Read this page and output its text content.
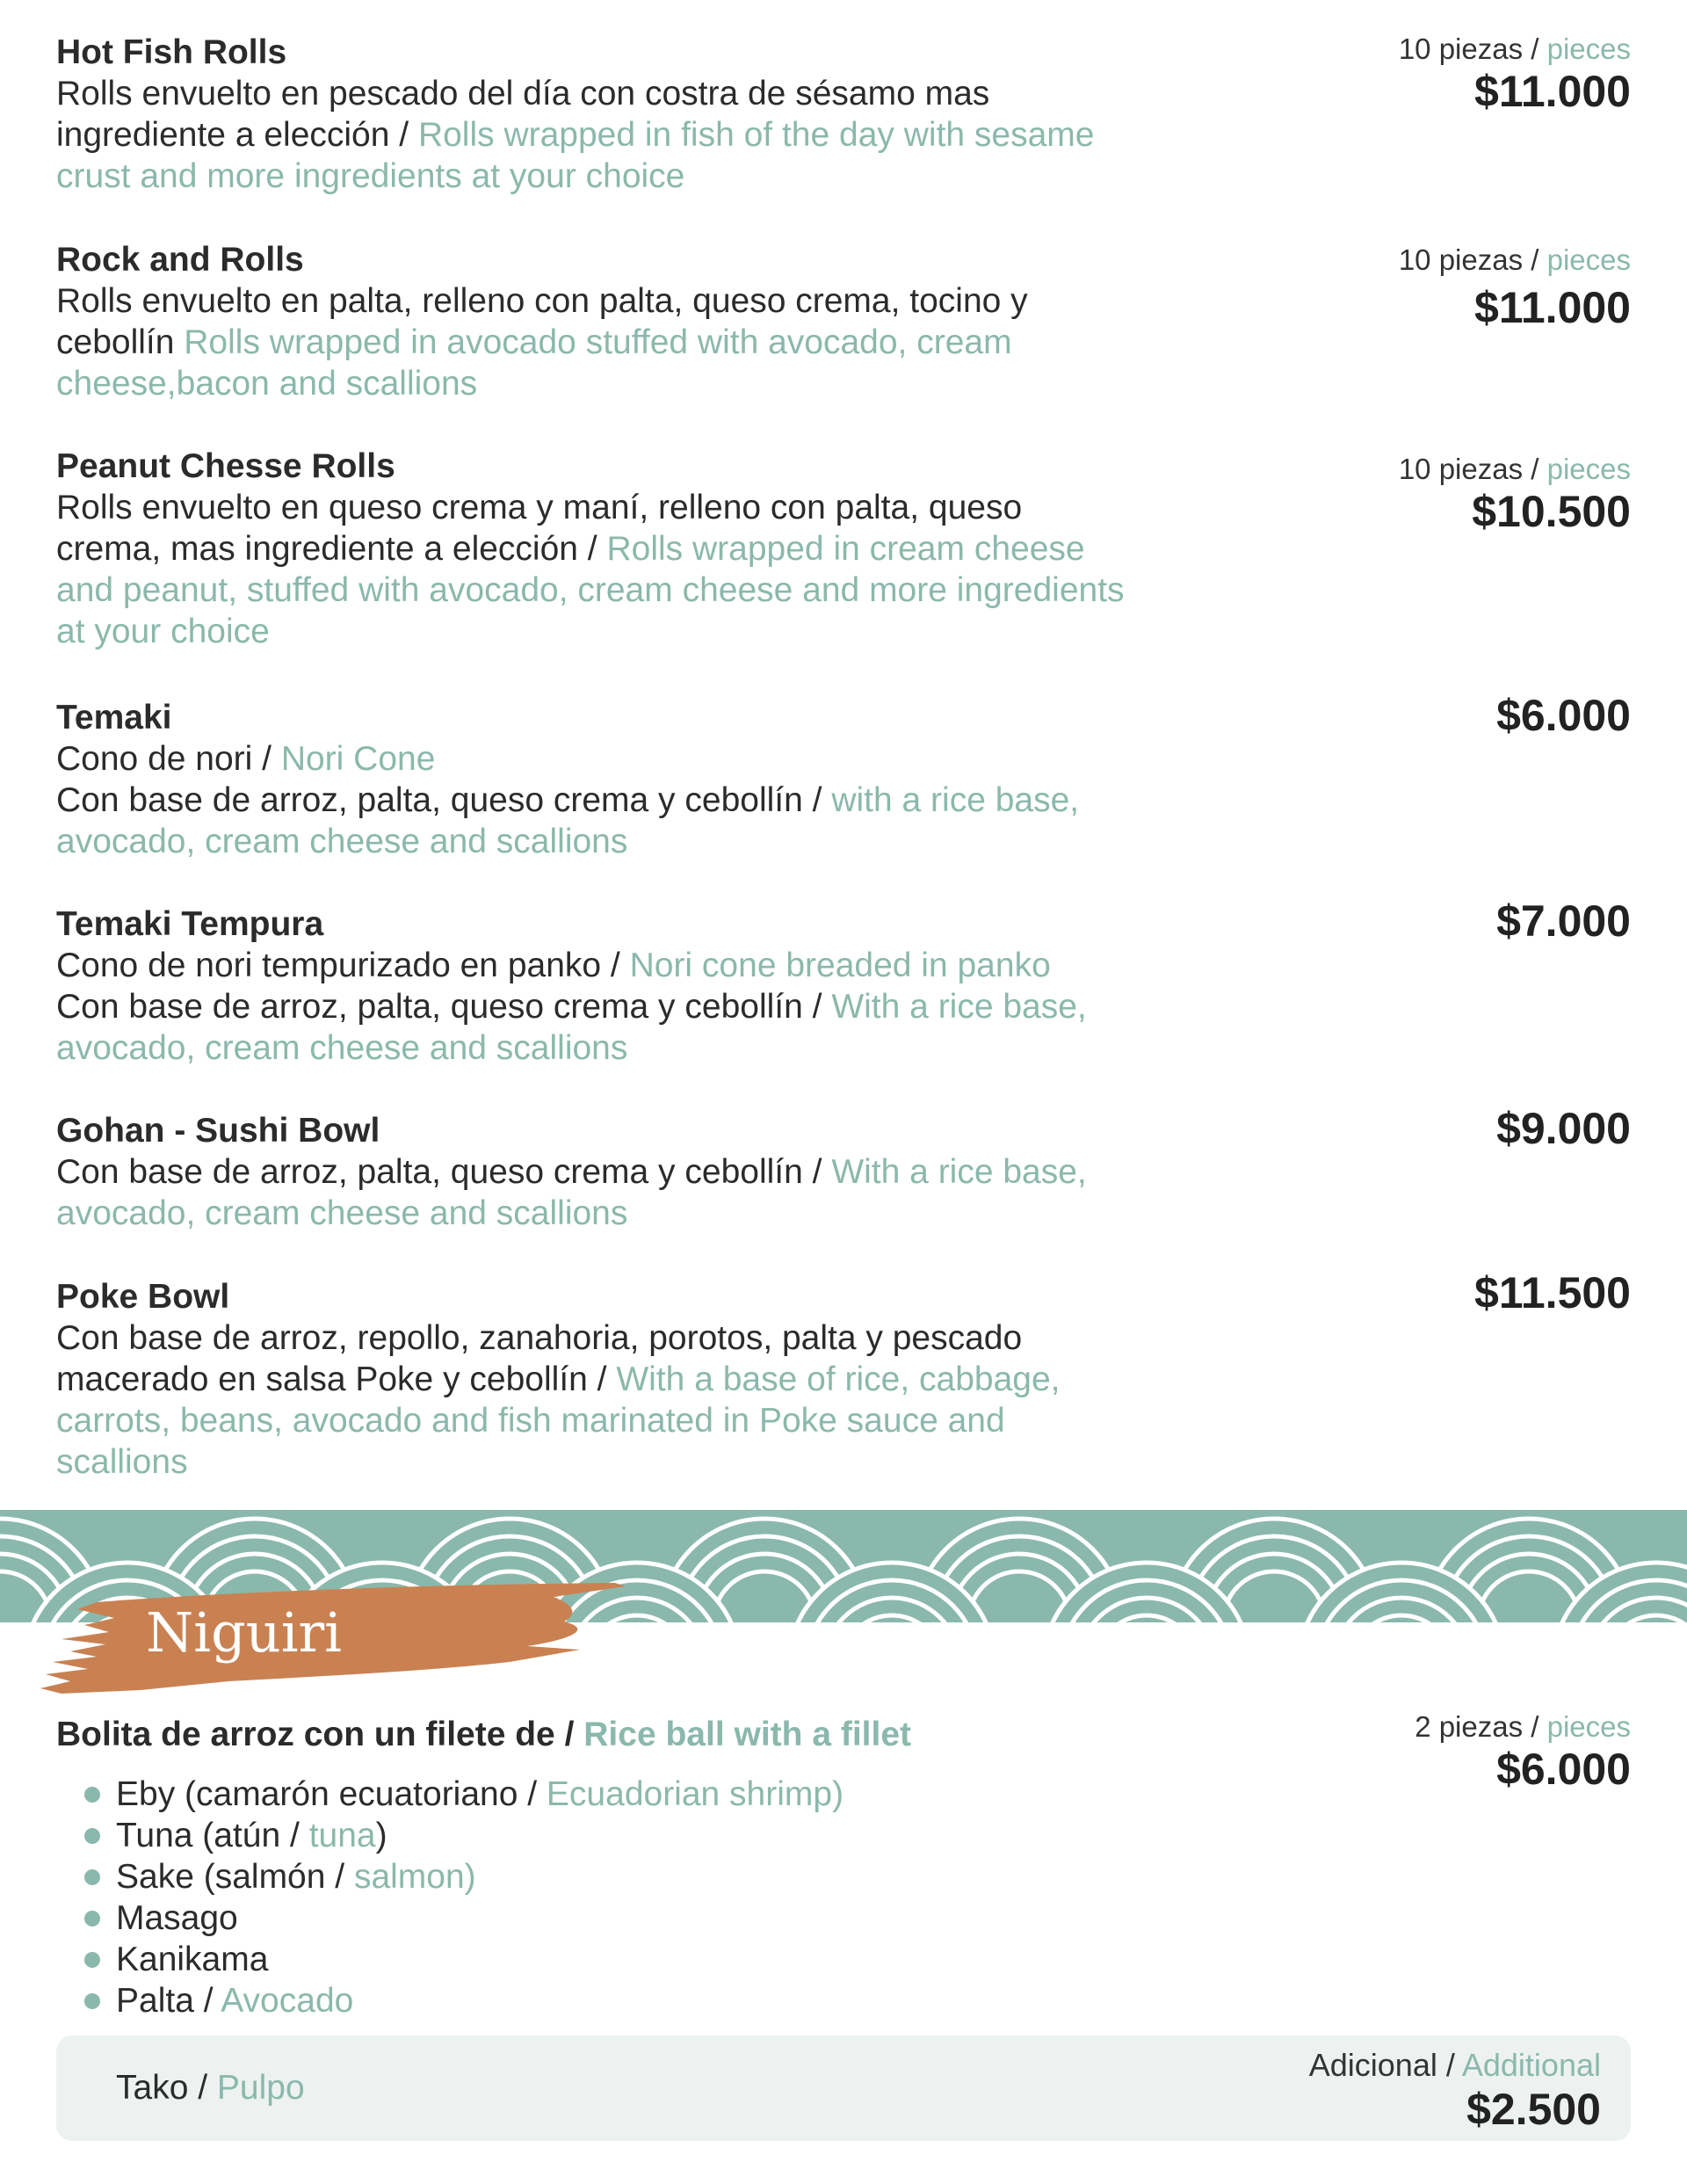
Hot Fish Rolls
Rolls envuelto en pescado del día con costra de sésamo mas ingrediente a elección / Rolls wrapped in fish of the day with sesame crust and more ingredients at your choice
10 piezas / pieces
$11.000
Rock and Rolls
Rolls envuelto en palta, relleno con palta, queso crema, tocino y cebollín Rolls wrapped in avocado stuffed with avocado, cream cheese,bacon and scallions
10 piezas / pieces
$11.000
Peanut Chesse Rolls
Rolls envuelto en queso crema y maní, relleno con palta, queso crema, mas ingrediente a elección / Rolls wrapped in cream cheese and peanut, stuffed with avocado, cream cheese and more ingredients at your choice
10 piezas / pieces
$10.500
Temaki
Cono de nori / Nori Cone
Con base de arroz, palta, queso crema y cebollín / with a rice base, avocado, cream cheese and scallions
$6.000
Temaki Tempura
Cono de nori tempurizado en panko / Nori cone breaded in panko
Con base de arroz, palta, queso crema y cebollín / With a rice base, avocado, cream cheese and scallions
$7.000
Gohan - Sushi Bowl
Con base de arroz, palta, queso crema y cebollín / With a rice base, avocado, cream cheese and scallions
$9.000
Poke Bowl
Con base de arroz, repollo, zanahoria, porotos, palta y pescado macerado en salsa Poke y cebollín / With a base of rice, cabbage, carrots, beans, avocado and fish marinated in Poke sauce and scallions
$11.500
Niguiri
Bolita de arroz con un filete de / Rice ball with a fillet	2 piezas / pieces
$6.000
Eby (camarón ecuatoriano / Ecuadorian shrimp)
Tuna (atún / tuna)
Sake (salmón / salmon)
Masago
Kanikama
Palta / Avocado
Tako / Pulpo
Adicional / Additional
$2.500
